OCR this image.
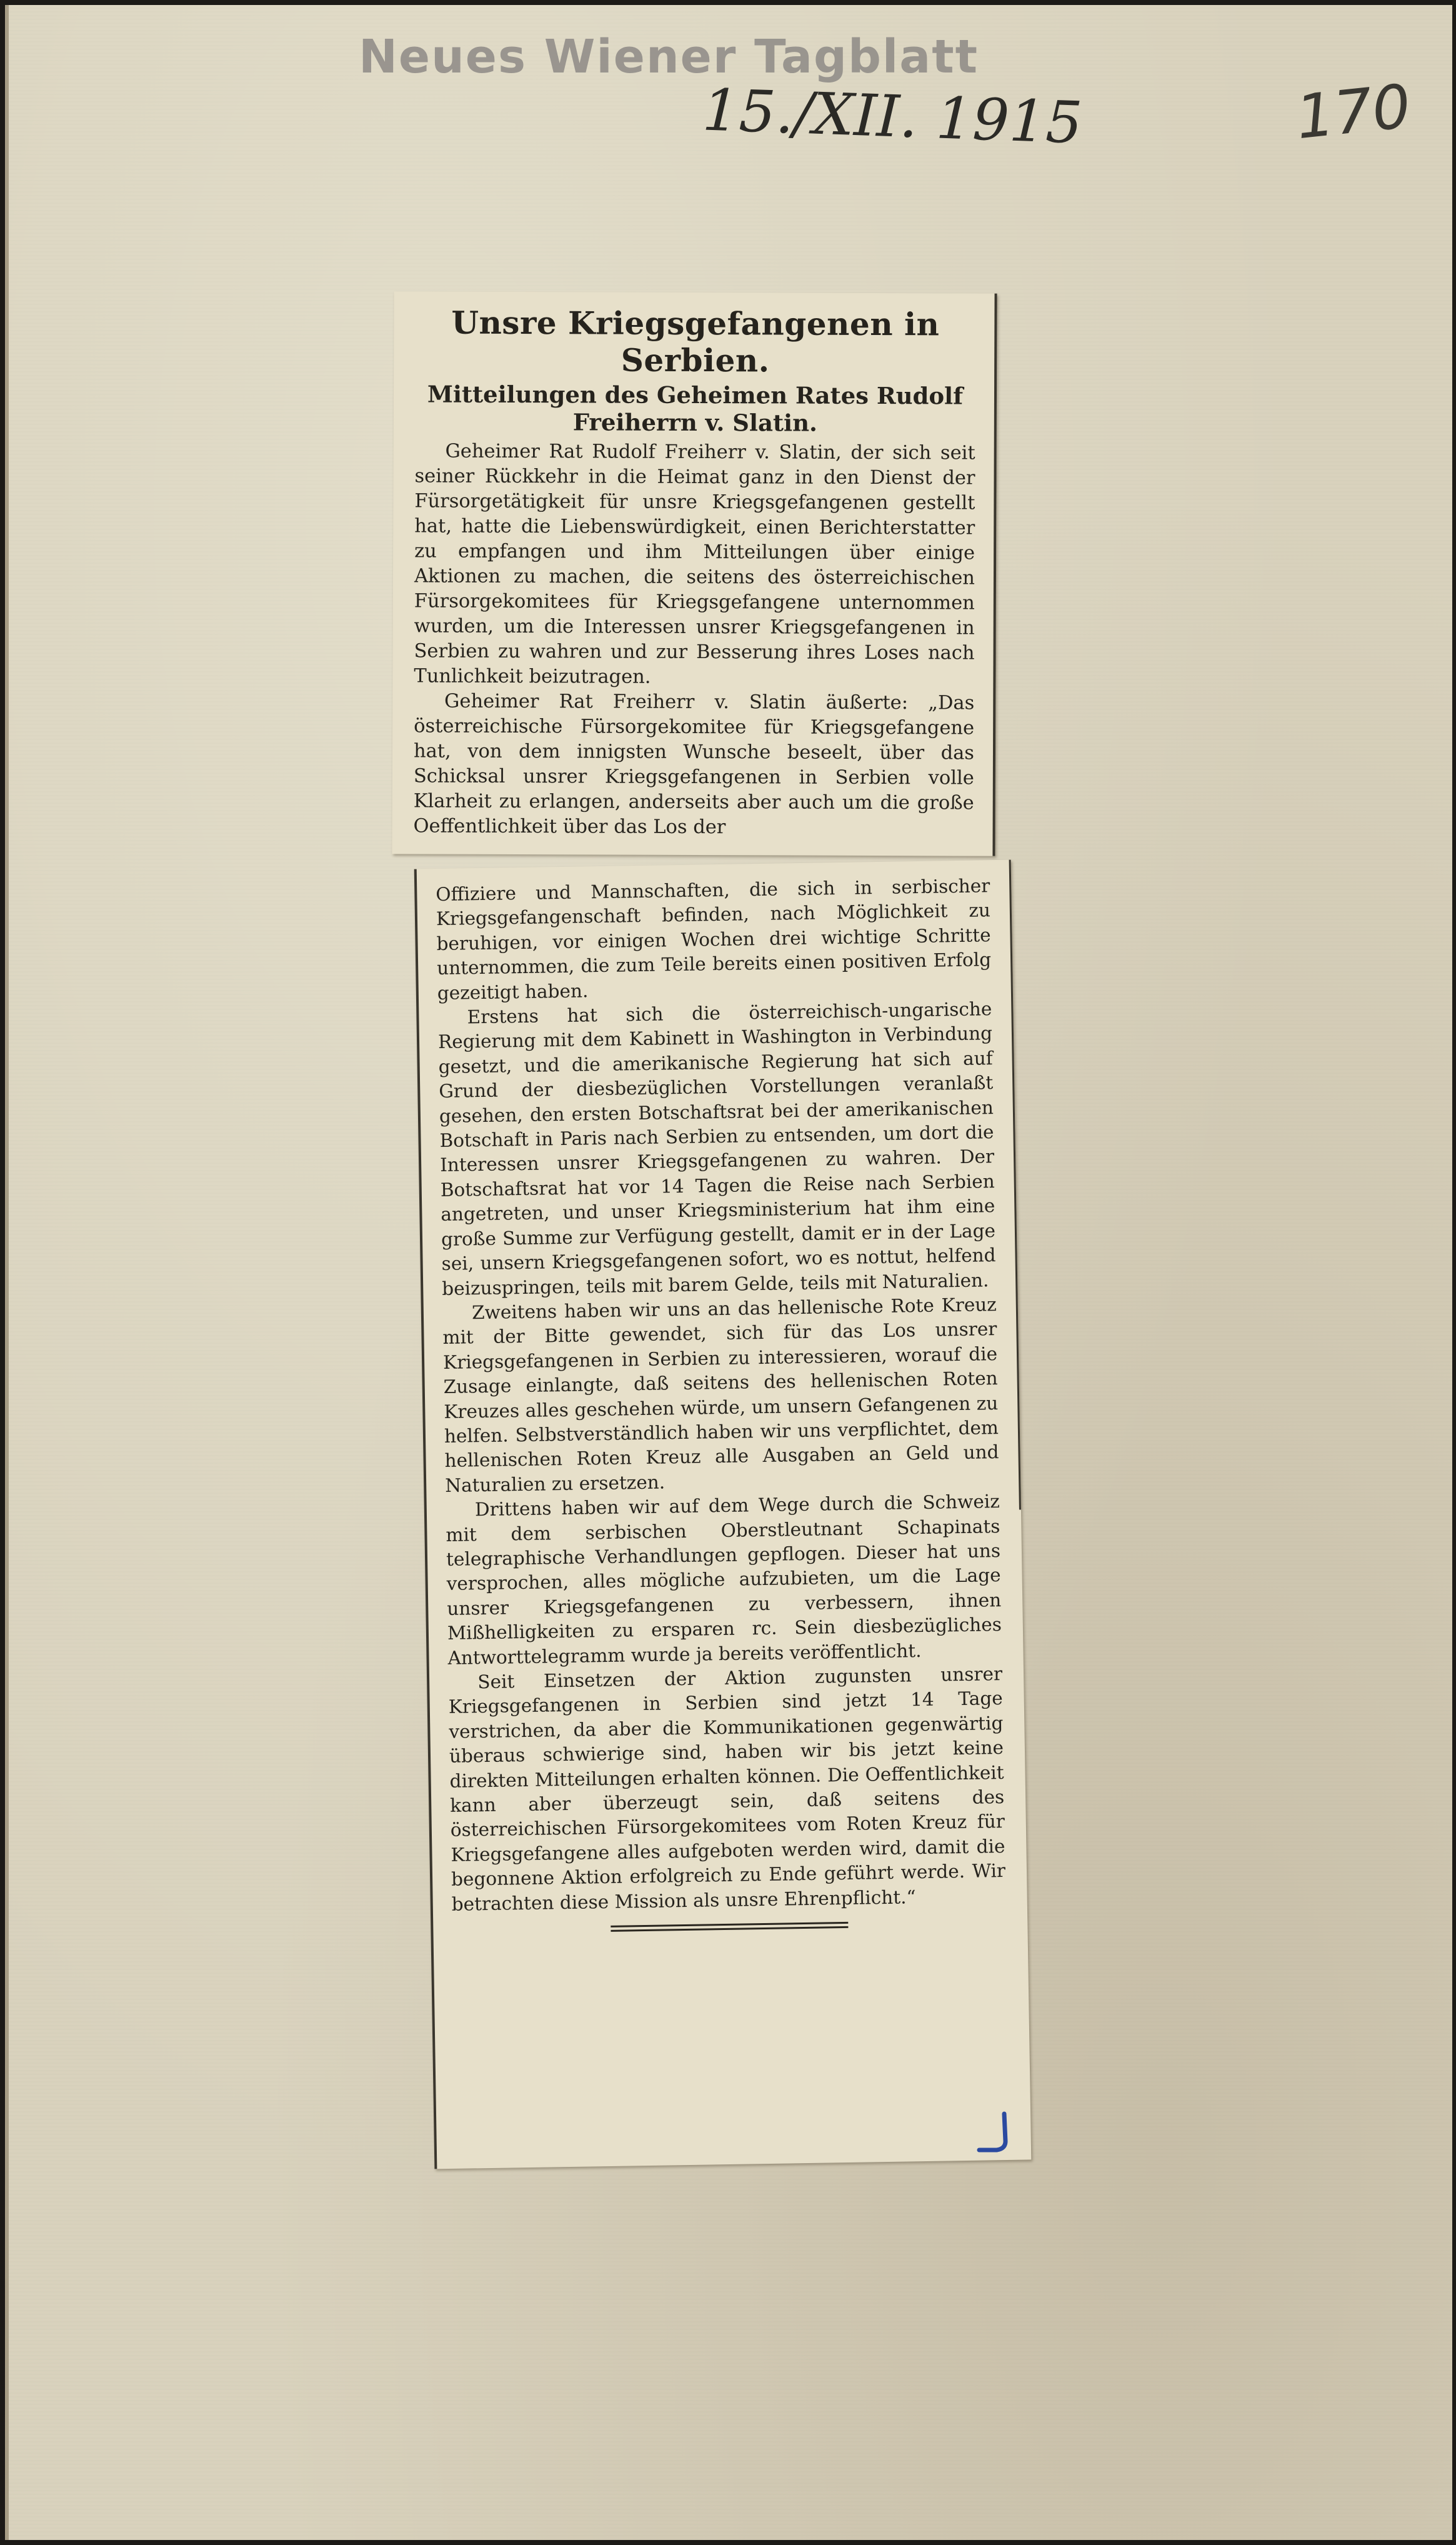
Neues Wiener Tagblatt
15./XII. 1915	170
Unsre Kriegsgefangenen in Serbien.
Mitteilungen des Geheimen Rates Rudolf Freiherrn v. Slatin.

Geheimer Rat Rudolf Freiherr v. Slatin, der sich seit seiner Rückkehr in die Heimat ganz in den Dienst der Fürsorgetätigkeit für unsre Kriegsgefangenen gestellt hat, hatte die Liebenswürdigkeit, einen Berichterstatter zu empfangen und ihm Mitteilungen über einige Aktionen zu machen, die seitens des österreichischen Fürsorgekomitees für Kriegsgefangene unternommen wurden, um die Interessen unsrer Kriegsgefangenen in Serbien zu wahren und zur Besserung ihres Loses nach Tunlichkeit beizutragen.

Geheimer Rat Freiherr v. Slatin äußerte: „Das österreichische Fürsorgekomitee für Kriegsgefangene hat, von dem innigsten Wunsche beseelt, über das Schicksal unsrer Kriegsgefangenen in Serbien volle Klarheit zu erlangen, anderseits aber auch um die große Oeffentlichkeit über das Los der

Offiziere und Mannschaften, die sich in serbischer Kriegsgefangenschaft befinden, nach Möglichkeit zu beruhigen, vor einigen Wochen drei wichtige Schritte unternommen, die zum Teile bereits einen positiven Erfolg gezeitigt haben.

Erstens hat sich die österreichisch-ungarische Regierung mit dem Kabinett in Washington in Verbindung gesetzt, und die amerikanische Regierung hat sich auf Grund der diesbezüglichen Vorstellungen veranlaßt gesehen, den ersten Botschaftsrat bei der amerikanischen Botschaft in Paris nach Serbien zu entsenden, um dort die Interessen unsrer Kriegsgefangenen zu wahren. Der Botschaftsrat hat vor 14 Tagen die Reise nach Serbien angetreten, und unser Kriegsministerium hat ihm eine große Summe zur Verfügung gestellt, damit er in der Lage sei, unsern Kriegsgefangenen sofort, wo es nottut, helfend beizuspringen, teils mit barem Gelde, teils mit Naturalien.

Zweitens haben wir uns an das hellenische Rote Kreuz mit der Bitte gewendet, sich für das Los unsrer Kriegsgefangenen in Serbien zu interessieren, worauf die Zusage einlangte, daß seitens des hellenischen Roten Kreuzes alles geschehen würde, um unsern Gefangenen zu helfen. Selbstverständlich haben wir uns verpflichtet, dem hellenischen Roten Kreuz alle Ausgaben an Geld und Naturalien zu ersetzen.

Drittens haben wir auf dem Wege durch die Schweiz mit dem serbischen Oberstleutnant Schapinats telegraphische Verhandlungen gepflogen. Dieser hat uns versprochen, alles mögliche aufzubieten, um die Lage unsrer Kriegsgefangenen zu verbessern, ihnen Mißhelligkeiten zu ersparen rc. Sein diesbezügliches Antworttelegramm wurde ja bereits veröffentlicht.

Seit Einsetzen der Aktion zugunsten unsrer Kriegsgefangenen in Serbien sind jetzt 14 Tage verstrichen, da aber die Kommunikationen gegenwärtig überaus schwierige sind, haben wir bis jetzt keine direkten Mitteilungen erhalten können. Die Oeffentlichkeit kann aber überzeugt sein, daß seitens des österreichischen Fürsorgekomitees vom Roten Kreuz für Kriegsgefangene alles aufgeboten werden wird, damit die begonnene Aktion erfolgreich zu Ende geführt werde. Wir betrachten diese Mission als unsre Ehrenpflicht.“
